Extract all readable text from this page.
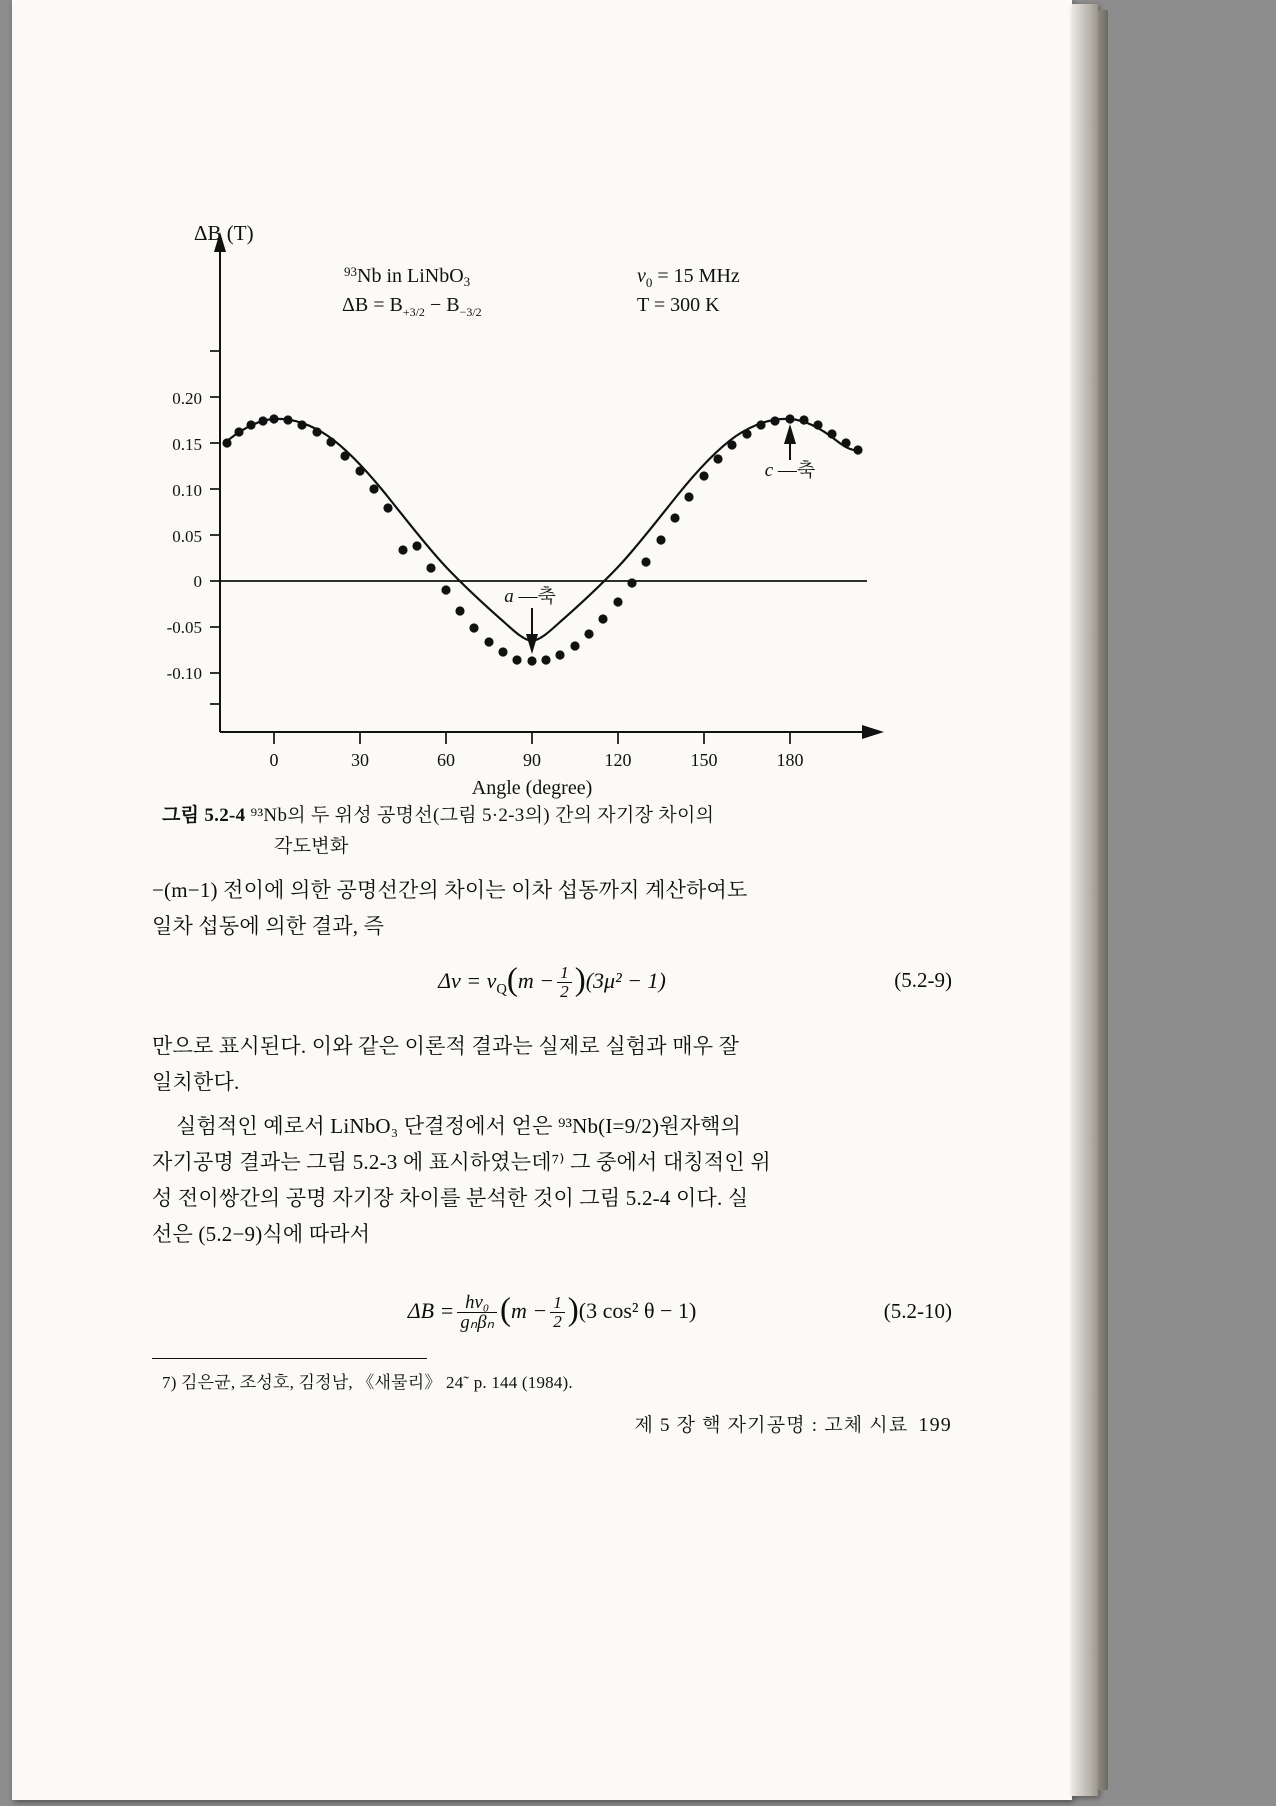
0.20
0.15
0.10
0.05
0
-0.05
-0.10
0	30	60	90	120	150	180
ΔB (T)
$^{93}$Nb in LiNbO$_3$
$\Delta B = B_{+3/2} - B_{-3/2}$
$\nu_0 = 15$ MHz
T = 300 K
a —축
c —축
Angle (degree)
그림 5.2-4 ⁹³Nb의 두 위성 공명선(그림 5·2-3의) 간의 자기장 차이의
각도변화
−(m−1) 전이에 의한 공명선간의 차이는 이차 섭동까지 계산하여도
일차 섭동에 의한 결과, 즉
$\Delta\nu = \nu_Q(m - \frac{1}{2} )(3\mu^2 - 1)$	(5.2-9)
만으로 표시된다. 이와 같은 이론적 결과는 실제로 실험과 매우 잘
일치한다.
실험적인 예로서 LiNbO₃ 단결정에서 얻은 ⁹³Nb(I=9/2)원자핵의
자기공명 결과는 그림 5.2-3 에 표시하였는데⁷⁾ 그 중에서 대칭적인 위
성 전이쌍간의 공명 자기장 차이를 분석한 것이 그림 5.2-4 이다. 실
선은 (5.2−9)식에 따라서
$\Delta B = \frac{\text{hν₀}}{\text{gₙβₙ}} (m - \frac{1}{2} )(3$ cos² θ − 1)	(5.2-10)
7) 김은균, 조성호, 김정남, 《새물리》 24˜ p. 144 (1984).
제 5 장 핵 자기공명 : 고체 시료 199
